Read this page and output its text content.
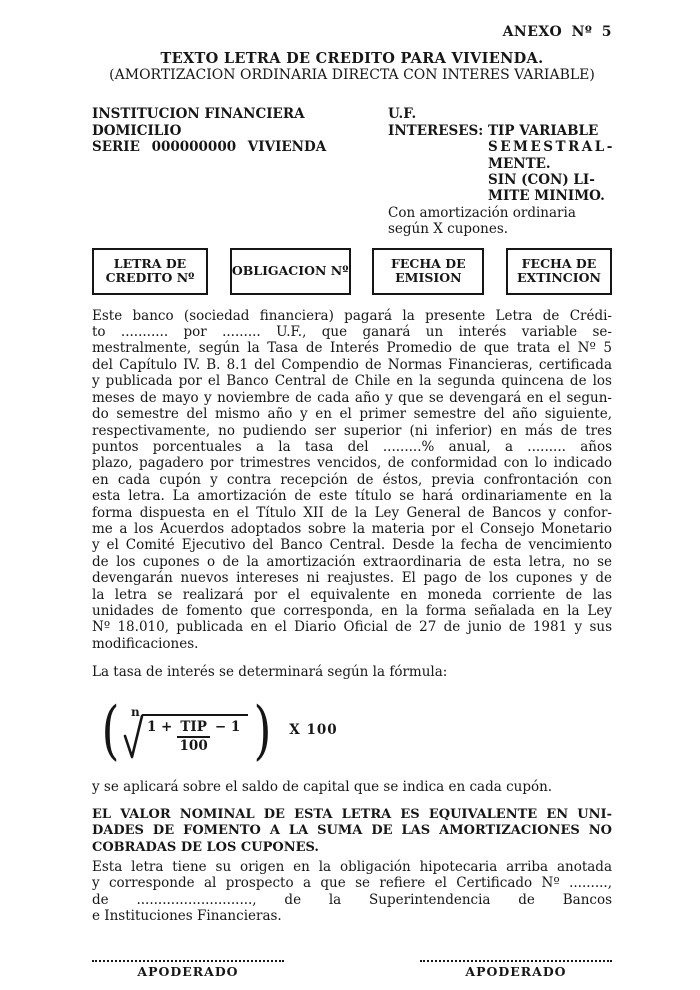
ANEXO Nº 5
TEXTO LETRA DE CREDITO PARA VIVIENDA.
(AMORTIZACION ORDINARIA DIRECTA CON INTERES VARIABLE)
INSTITUCION FINANCIERA
DOMICILIO
SERIE 000000000 VIVIENDA
U.F.
INTERESES: TIP VARIABLE
SEMESTRAL-
MENTE.
SIN (CON) LI-
MITE MINIMO.
Con amortización ordinaria
según X cupones.
LETRA DE
CREDITO Nº	OBLIGACION Nº	FECHA DE
EMISION
FECHA DE
EXTINCION
Este banco (sociedad financiera) pagará la presente Letra de Crédi-
to ........... por ......... U.F., que ganará un interés variable se-
mestralmente, según la Tasa de Interés Promedio de que trata el Nº 5
del Capítulo IV. B. 8.1 del Compendio de Normas Financieras, certificada
y publicada por el Banco Central de Chile en la segunda quincena de los
meses de mayo y noviembre de cada año y que se devengará en el segun-
do semestre del mismo año y en el primer semestre del año siguiente,
respectivamente, no pudiendo ser superior (ni inferior) en más de tres
puntos porcentuales a la tasa del .........% anual, a ......... años
plazo, pagadero por trimestres vencidos, de conformidad con lo indicado
en cada cupón y contra recepción de éstos, previa confrontación con
esta letra. La amortización de este título se hará ordinariamente en la
forma dispuesta en el Título XII de la Ley General de Bancos y confor-
me a los Acuerdos adoptados sobre la materia por el Consejo Monetario
y el Comité Ejecutivo del Banco Central. Desde la fecha de vencimiento
de los cupones o de la amortización extraordinaria de esta letra, no se
devengarán nuevos intereses ni reajustes. El pago de los cupones y de
la letra se realizará por el equivalente en moneda corriente de las
unidades de fomento que corresponda, en la forma señalada en la Ley
Nº 18.010, publicada en el Diario Oficial de 27 de junio de 1981 y sus
modificaciones.
La tasa de interés se determinará según la fórmula:
( n
$1 + \frac{\text{TIP}}{100} - 1$ ) X 100
y se aplicará sobre el saldo de capital que se indica en cada cupón.
EL VALOR NOMINAL DE ESTA LETRA ES EQUIVALENTE EN UNI-
DADES DE FOMENTO A LA SUMA DE LAS AMORTIZACIONES NO
COBRADAS DE LOS CUPONES.
Esta letra tiene su origen en la obligación hipotecaria arriba anotada
y corresponde al prospecto a que se refiere el Certificado Nº .........,
de ..........................., de la Superintendencia de Bancos
e Instituciones Financieras.
APODERADO	APODERADO
